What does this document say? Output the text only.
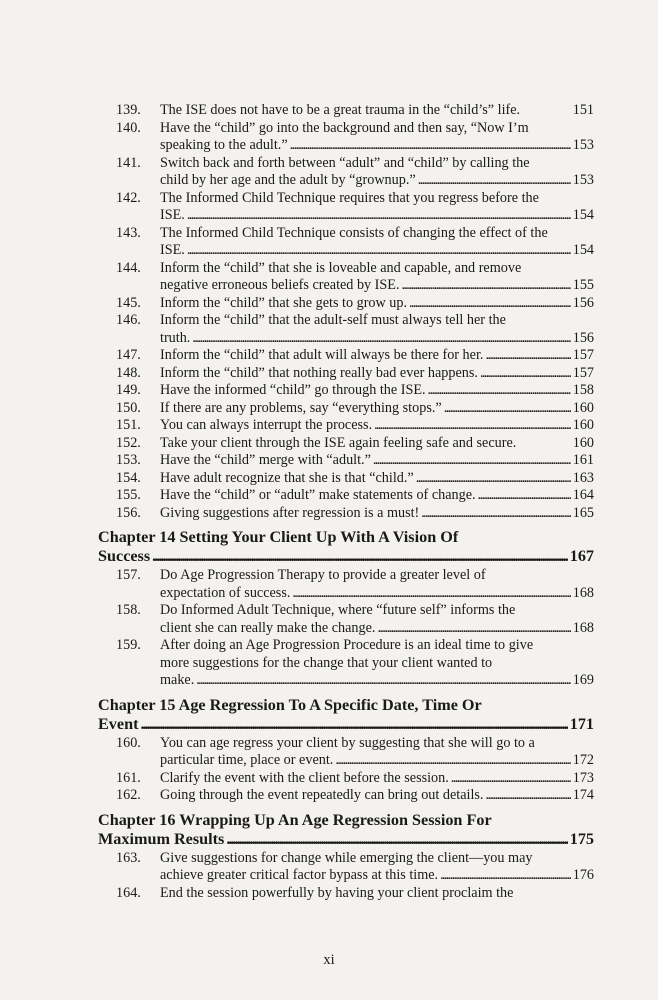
139.	The ISE does not have to be a great trauma in the “child’s” life.	151
140.	Have the “child” go into the background and then say, “Now I’m
speaking to the adult.” . . .	153
141.	Switch back and forth between “adult” and “child” by calling the
child by her age and the adult by “grownup.” . . .	153
142.	The Informed Child Technique requires that you regress before the
ISE. . . .	154
143.	The Informed Child Technique consists of changing the effect of the
ISE. . . .	154
144.	Inform the “child” that she is loveable and capable, and remove
negative erroneous beliefs created by ISE. . . .	155
145.	Inform the “child” that she gets to grow up. . . .	156
146.	Inform the “child” that the adult-self must always tell her the
truth. . . .	156
147.	Inform the “child” that adult will always be there for her. . . .	157
148.	Inform the “child” that nothing really bad ever happens. . . .	157
149.	Have the informed “child” go through the ISE. . . .	158
150.	If there are any problems, say “everything stops.” . . .	160
151.	You can always interrupt the process. . . .	160
152.	Take your client through the ISE again feeling safe and secure.	160
153.	Have the “child” merge with “adult.” . . .	161
154.	Have adult recognize that she is that “child.” . . .	163
155.	Have the “child” or “adult” make statements of change. . . .	164
156.	Giving suggestions after regression is a must! . . .	165
Chapter 14 Setting Your Client Up With A Vision Of
Success . . .	167
157.	Do Age Progression Therapy to provide a greater level of
expectation of success. . . .	168
158.	Do Informed Adult Technique, where “future self” informs the
client she can really make the change. . . .	168
159.	After doing an Age Progression Procedure is an ideal time to give
more suggestions for the change that your client wanted to
make. . . .	169
Chapter 15 Age Regression To A Specific Date, Time Or
Event . . .	171
160.	You can age regress your client by suggesting that she will go to a
particular time, place or event. . . .	172
161.	Clarify the event with the client before the session. . . .	173
162.	Going through the event repeatedly can bring out details. . . .	174
Chapter 16 Wrapping Up An Age Regression Session For
Maximum Results . . .	175
163.	Give suggestions for change while emerging the client—you may
achieve greater critical factor bypass at this time. . . .	176
164.	End the session powerfully by having your client proclaim the
xi
